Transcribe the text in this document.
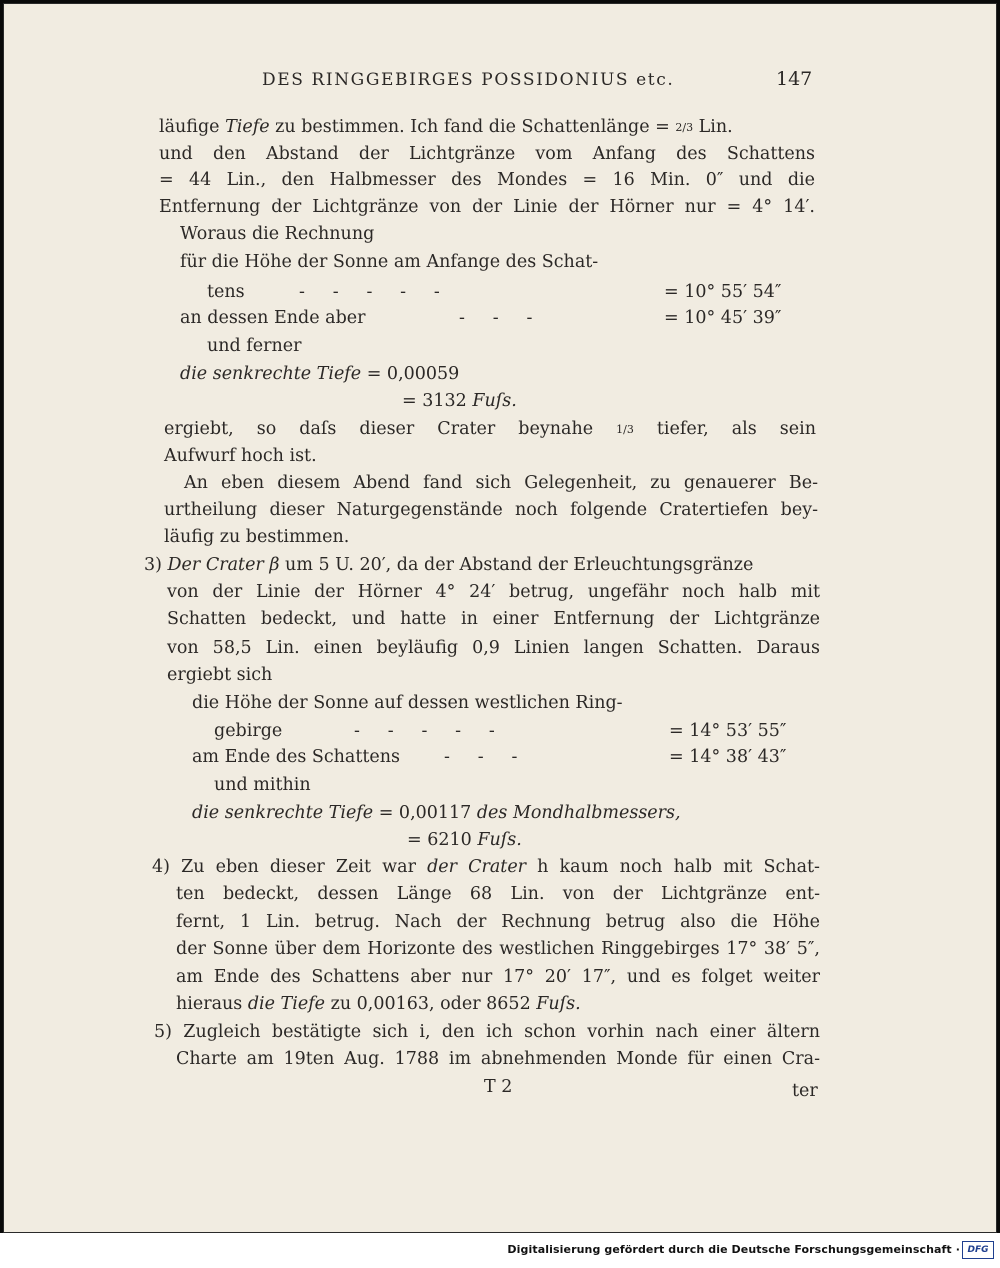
DES RINGGEBIRGES POSSIDONIUS etc.	147
läufige Tiefe zu bestimmen. Ich fand die Schattenlänge = 2/3 Lin.
und den Abstand der Lichtgränze vom Anfang des Schattens
= 44 Lin., den Halbmesser des Mondes = 16 Min. 0″ und die
Entfernung der Lichtgränze von der Linie der Hörner nur = 4° 14′.
Woraus die Rechnung
für die Höhe der Sonne am Anfange des Schat-
tens	-     -     -     -     -	= 10° 55′ 54″
an dessen Ende aber	-     -     -	= 10° 45′ 39″
und ferner
die senkrechte Tiefe = 0,00059
= 3132 Fuſs.
ergiebt, so daſs dieser Crater beynahe 1/3 tiefer, als sein
Aufwurf hoch ist.
An eben diesem Abend fand sich Gelegenheit, zu genauerer Be-
urtheilung dieser Naturgegenstände noch folgende Cratertiefen bey-
läufig zu bestimmen.
3) Der Crater β um 5 U. 20′, da der Abstand der Erleuchtungsgränze
von der Linie der Hörner 4° 24′ betrug, ungefähr noch halb mit
Schatten bedeckt, und hatte in einer Entfernung der Lichtgränze
von 58,5 Lin. einen beyläufig 0,9 Linien langen Schatten. Daraus
ergiebt sich
die Höhe der Sonne auf dessen westlichen Ring-
gebirge	-     -     -     -     -	= 14° 53′ 55″
am Ende des Schattens	-     -     -	= 14° 38′ 43″
und mithin
die senkrechte Tiefe = 0,00117 des Mondhalbmessers,
= 6210 Fuſs.
4) Zu eben dieser Zeit war der Crater h kaum noch halb mit Schat-
ten bedeckt, dessen Länge 68 Lin. von der Lichtgränze ent-
fernt, 1 Lin. betrug. Nach der Rechnung betrug also die Höhe
der Sonne über dem Horizonte des westlichen Ringgebirges 17° 38′ 5″,
am Ende des Schattens aber nur 17° 20′ 17″, und es folget weiter
hieraus die Tiefe zu 0,00163, oder 8652 Fuſs.
5) Zugleich bestätigte sich i, den ich schon vorhin nach einer ältern
Charte am 19ten Aug. 1788 im abnehmenden Monde für einen Cra-
T 2	ter
Digitalisierung gefördert durch die Deutsche Forschungsgemeinschaft · DFG
